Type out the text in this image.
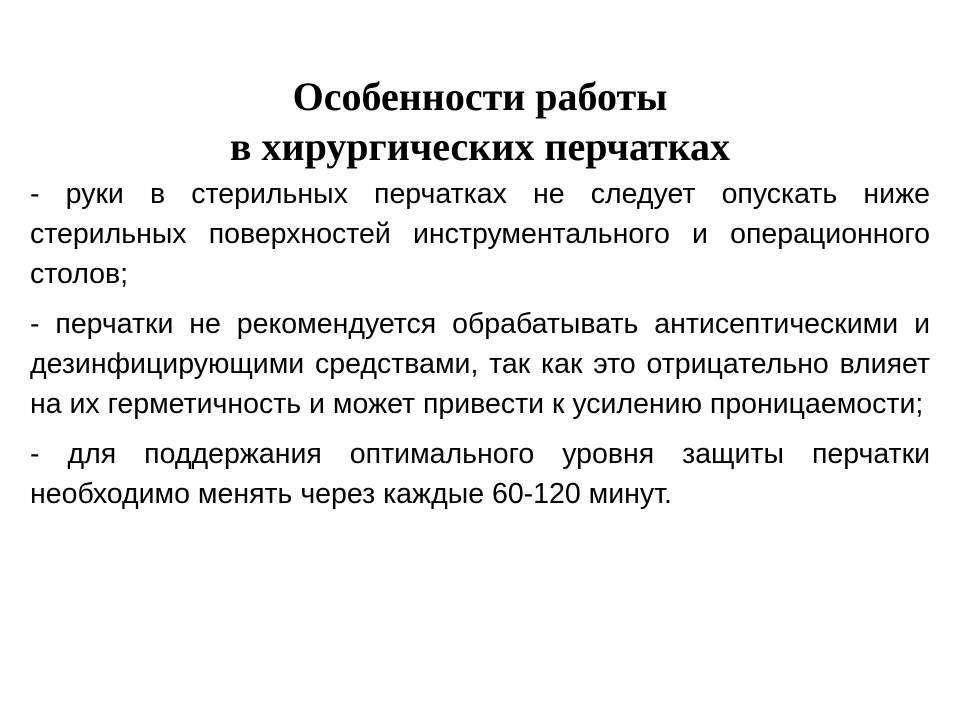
Особенности работы
в хирургических перчатках

- руки в стерильных перчатках не следует опускать ниже стерильных поверхностей инструментального и операционного столов;

- перчатки не рекомендуется обрабатывать антисептическими и дезинфицирующими средствами, так как это отрицательно влияет на их герметичность и может привести к усилению проницаемости;

- для поддержания оптимального уровня защиты перчатки необходимо менять через каждые 60-120 минут.
